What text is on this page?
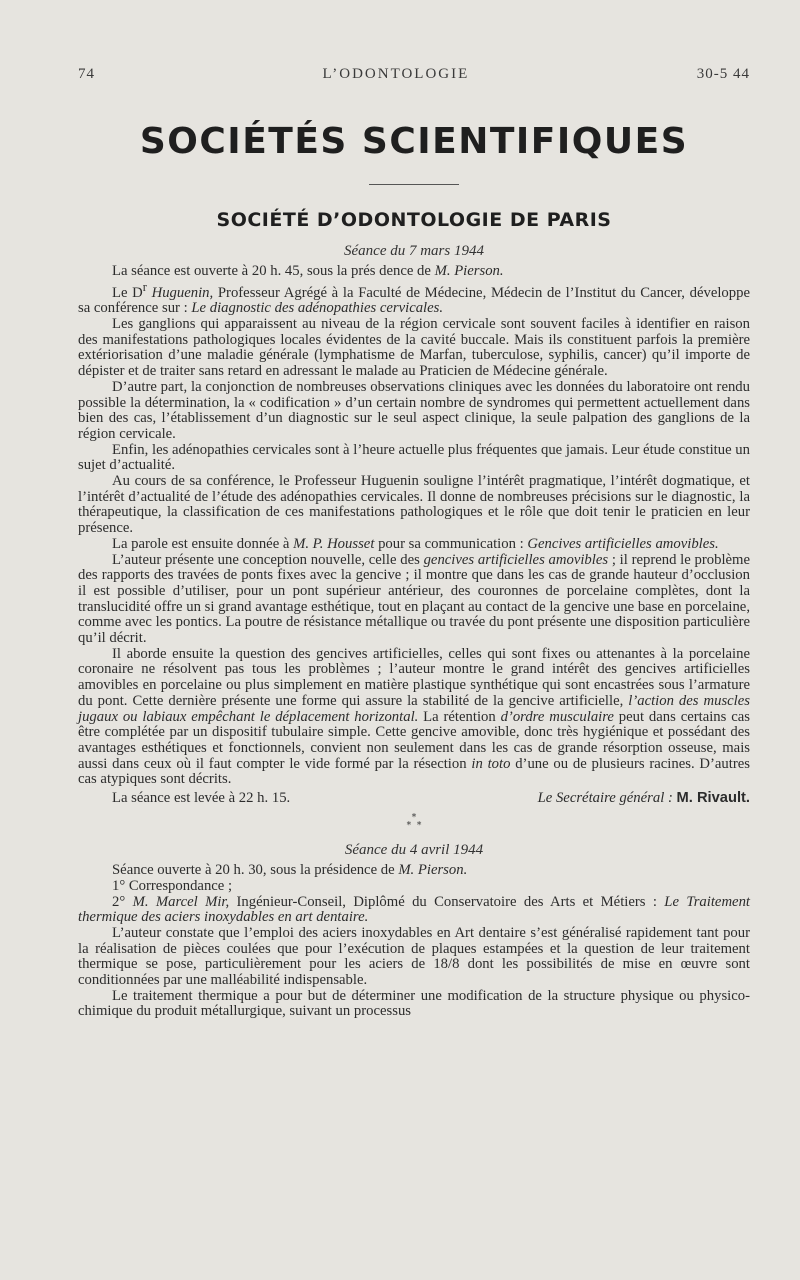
74	L’ODONTOLOGIE	30-5 44
SOCIÉTÉS SCIENTIFIQUES
SOCIÉTÉ D’ODONTOLOGIE DE PARIS
Séance du 7 mars 1944

La séance est ouverte à 20 h. 45, sous la prés dence de M. Pierson.

Le $D^r$ Huguenin, Professeur Agrégé à la Faculté de Médecine, Médecin de l’Institut du Cancer, développe sa conférence sur : Le diagnostic des adénopathies cervicales.

Les ganglions qui apparaissent au niveau de la région cervicale sont souvent faciles à identifier en raison des manifestations pathologiques locales évidentes de la cavité buccale. Mais ils constituent parfois la première extériorisation d’une maladie générale (lymphatisme de Marfan, tuberculose, syphilis, cancer) qu’il importe de dépister et de traiter sans retard en adressant le malade au Praticien de Médecine générale.

D’autre part, la conjonction de nombreuses observations cliniques avec les données du laboratoire ont rendu possible la détermination, la « codification » d’un certain nombre de syndromes qui permettent actuellement dans bien des cas, l’établissement d’un diagnostic sur le seul aspect clinique, la seule palpation des ganglions de la région cervicale.

Enfin, les adénopathies cervicales sont à l’heure actuelle plus fréquentes que jamais. Leur étude constitue un sujet d’actualité.

Au cours de sa conférence, le Professeur Huguenin souligne l’intérêt pragmatique, l’intérêt dogmatique, et l’intérêt d’actualité de l’étude des adénopathies cervicales. Il donne de nombreuses précisions sur le diagnostic, la thérapeutique, la classification de ces manifestations pathologiques et le rôle que doit tenir le praticien en leur présence.

La parole est ensuite donnée à M. P. Housset pour sa communication : Gencives artificielles amovibles.

L’auteur présente une conception nouvelle, celle des gencives artificielles amovibles ; il reprend le problème des rapports des travées de ponts fixes avec la gencive ; il montre que dans les cas de grande hauteur d’occlusion il est possible d’utiliser, pour un pont supérieur antérieur, des couronnes de porcelaine complètes, dont la translucidité offre un si grand avantage esthétique, tout en plaçant au contact de la gencive une base en porcelaine, comme avec les pontics. La poutre de résistance métallique ou travée du pont présente une disposition particulière qu’il décrit.

Il aborde ensuite la question des gencives artificielles, celles qui sont fixes ou attenantes à la porcelaine coronaire ne résolvent pas tous les problèmes ; l’auteur montre le grand intérêt des gencives artificielles amovibles en porcelaine ou plus simplement en matière plastique synthétique qui sont encastrées sous l’armature du pont. Cette dernière présente une forme qui assure la stabilité de la gencive artificielle, l’action des muscles jugaux ou labiaux empêchant le déplacement horizontal. La rétention d’ordre musculaire peut dans certains cas être complétée par un dispositif tubulaire simple. Cette gencive amovible, donc très hygiénique et possédant des avantages esthétiques et fonctionnels, convient non seulement dans les cas de grande résorption osseuse, mais aussi dans ceux où il faut compter le vide formé par la résection in toto d’une ou de plusieurs racines. D’autres cas atypiques sont décrits.

La séance est levée à 22 h. 15.	Le Secrétaire général : M. Rivault.
*
*  *
Séance du 4 avril 1944

Séance ouverte à 20 h. 30, sous la présidence de M. Pierson.

1° Correspondance ;

2° M. Marcel Mir, Ingénieur-Conseil, Diplômé du Conservatoire des Arts et Métiers : Le Traitement thermique des aciers inoxydables en art dentaire.

L’auteur constate que l’emploi des aciers inoxydables en Art dentaire s’est généralisé rapidement tant pour la réalisation de pièces coulées que pour l’exécution de plaques estampées et la question de leur traitement thermique se pose, particulièrement pour les aciers de 18/8 dont les possibilités de mise en œuvre sont conditionnées par une malléabilité indispensable.

Le traitement thermique a pour but de déterminer une modification de la structure physique ou physico-chimique du produit métallurgique, suivant un processus
